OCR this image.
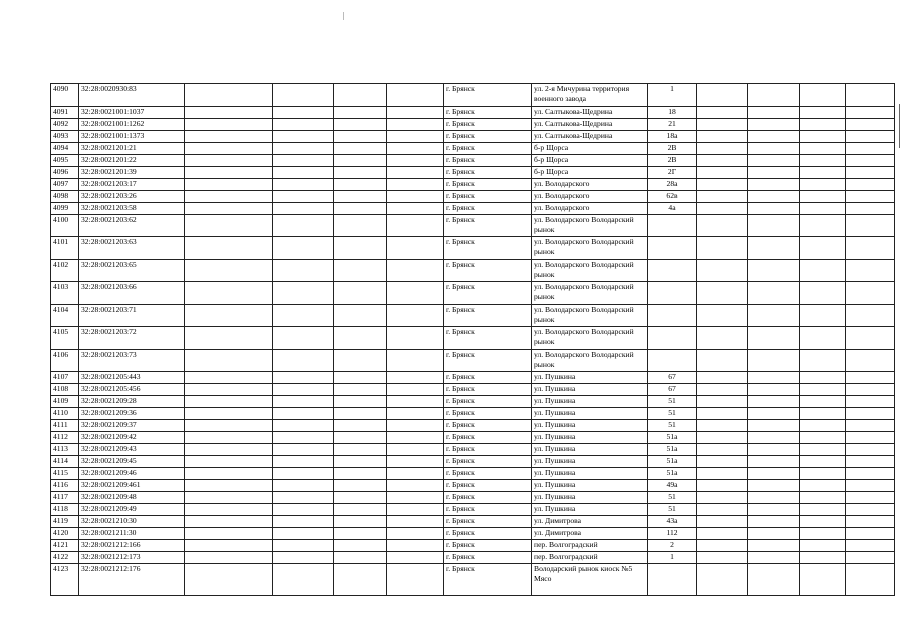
4090	32:28:0020930:83					г. Брянск	ул. 2-я Мичурина территория военного завода	1				
4091	32:28:0021001:1037					г. Брянск	ул. Салтыкова-Щедрина	18				
4092	32:28:0021001:1262					г. Брянск	ул. Салтыкова-Щедрина	21				
4093	32:28:0021001:1373					г. Брянск	ул. Салтыкова-Щедрина	18а				
4094	32:28:0021201:21					г. Брянск	б-р Щорса	2В				
4095	32:28:0021201:22					г. Брянск	б-р Щорса	2В				
4096	32:28:0021201:39					г. Брянск	б-р Щорса	2Г				
4097	32:28:0021203:17					г. Брянск	ул. Володарского	28а				
4098	32:28:0021203:26					г. Брянск	ул. Володарского	62в				
4099	32:28:0021203:58					г. Брянск	ул. Володарского	4а				
4100	32:28:0021203:62					г. Брянск	ул. Володарского Володарский рынок					
4101	32:28:0021203:63					г. Брянск	ул. Володарского Володарский рынок					
4102	32:28:0021203:65					г. Брянск	ул. Володарского Володарский рынок					
4103	32:28:0021203:66					г. Брянск	ул. Володарского Володарский рынок					
4104	32:28:0021203:71					г. Брянск	ул. Володарского Володарский рынок					
4105	32:28:0021203:72					г. Брянск	ул. Володарского Володарский рынок					
4106	32:28:0021203:73					г. Брянск	ул. Володарского Володарский рынок					
4107	32:28:0021205:443					г. Брянск	ул. Пушкина	67				
4108	32:28:0021205:456					г. Брянск	ул. Пушкина	67				
4109	32:28:0021209:28					г. Брянск	ул. Пушкина	51				
4110	32:28:0021209:36					г. Брянск	ул. Пушкина	51				
4111	32:28:0021209:37					г. Брянск	ул. Пушкина	51				
4112	32:28:0021209:42					г. Брянск	ул. Пушкина	51а				
4113	32:28:0021209:43					г. Брянск	ул. Пушкина	51а				
4114	32:28:0021209:45					г. Брянск	ул. Пушкина	51а				
4115	32:28:0021209:46					г. Брянск	ул. Пушкина	51а				
4116	32:28:0021209:461					г. Брянск	ул. Пушкина	49а				
4117	32:28:0021209:48					г. Брянск	ул. Пушкина	51				
4118	32:28:0021209:49					г. Брянск	ул. Пушкина	51				
4119	32:28:0021210:30					г. Брянск	ул. Димитрова	43а				
4120	32:28:0021211:30					г. Брянск	ул. Димитрова	112				
4121	32:28:0021212:166					г. Брянск	пер. Волгоградский	2				
4122	32:28:0021212:173					г. Брянск	пер. Волгоградский	1				
4123	32:28:0021212:176					г. Брянск	Володарский рынок киоск №5 Мясо					
